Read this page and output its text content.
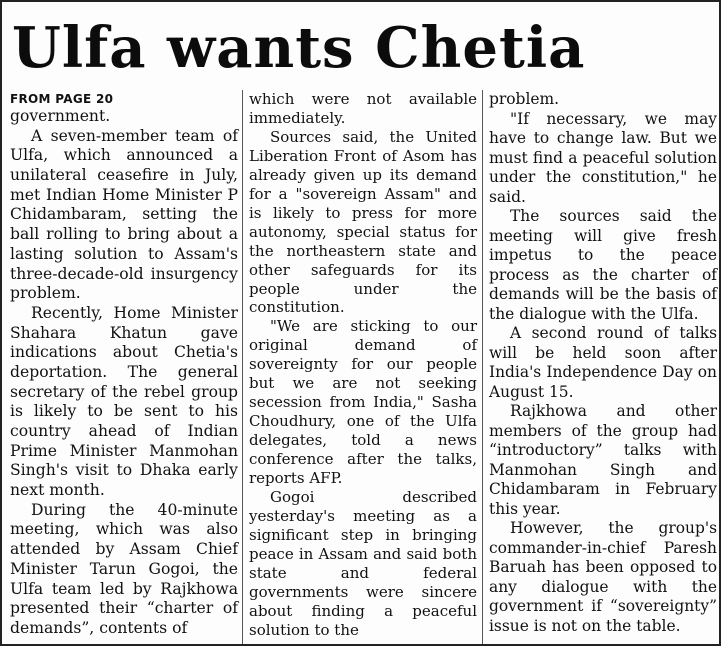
Ulfa wants Chetia
FROM PAGE 20

government.

A seven-member team of Ulfa, which announced a unilateral ceasefire in July, met Indian Home Minister P Chidambaram, setting the ball rolling to bring about a lasting solution to Assam's three-decade-old insurgency problem.

Recently, Home Minister Shahara Khatun gave indications about Chetia's deportation. The general secretary of the rebel group is likely to be sent to his country ahead of Indian Prime Minister Manmohan Singh's visit to Dhaka early next month.

During the 40-minute meeting, which was also attended by Assam Chief Minister Tarun Gogoi, the Ulfa team led by Rajkhowa presented their “charter of demands”, contents of

which were not available immediately.

Sources said, the United Liberation Front of Asom has already given up its demand for a "sovereign Assam" and is likely to press for more autonomy, special status for the northeastern state and other safeguards for its people under the constitution.

"We are sticking to our original demand of sovereignty for our people but we are not seeking secession from India," Sasha Choudhury, one of the Ulfa delegates, told a news conference after the talks, reports AFP.

Gogoi described yesterday's meeting as a significant step in bringing peace in Assam and said both state and federal governments were sincere about finding a peaceful solution to the

problem.

"If necessary, we may have to change law. But we must find a peaceful solution under the constitution," he said.

The sources said the meeting will give fresh impetus to the peace process as the charter of demands will be the basis of the dialogue with the Ulfa.

A second round of talks will be held soon after India's Independence Day on August 15.

Rajkhowa and other members of the group had “introductory” talks with Manmohan Singh and Chidambaram in February this year.

However, the group's commander-in-chief Paresh Baruah has been opposed to any dialogue with the government if “sovereignty” issue is not on the table.
